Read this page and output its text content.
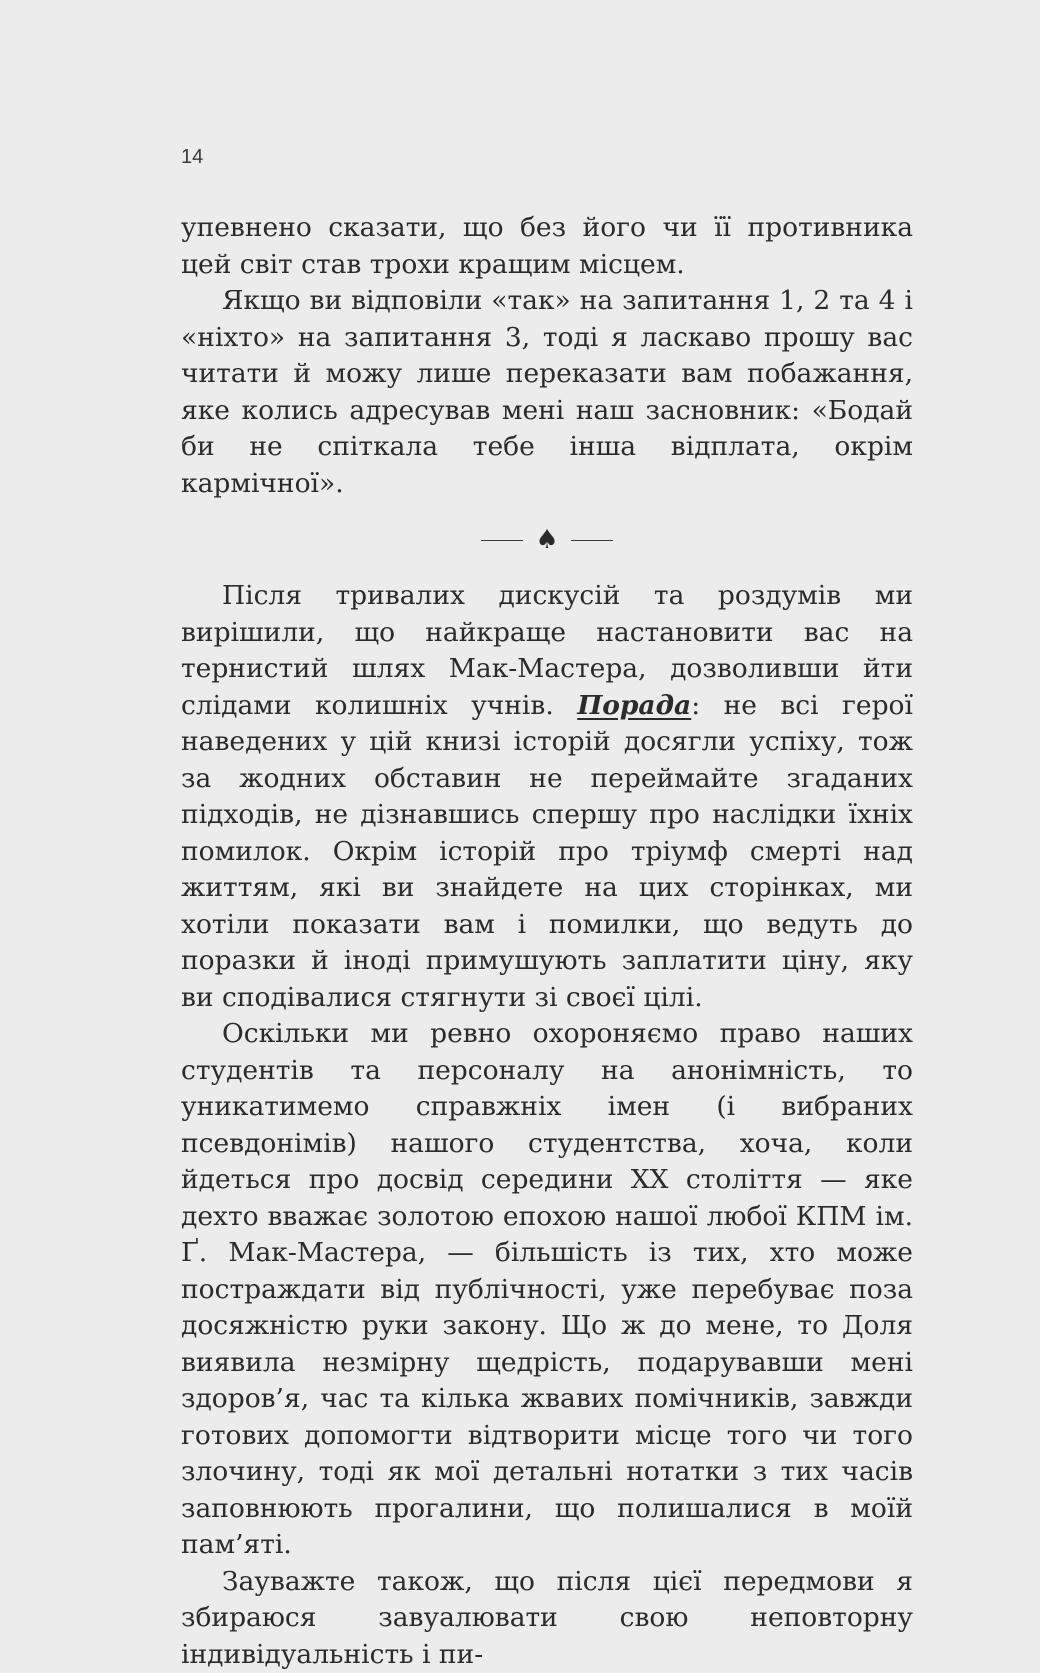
14

упевнено сказати, що без його чи її противника цей світ став трохи кращим місцем.

Якщо ви відповіли «так» на запитання 1, 2 та 4 і «ніхто» на запитання 3, тоді я ласкаво прошу вас читати й можу лише переказати вам побажання, яке колись адресував мені наш засновник: «Бодай би не спіткала тебе інша відплата, окрім кармічної».

♠

Після тривалих дискусій та роздумів ми вирішили, що найкраще настановити вас на тернистий шлях Мак-Мастера, дозволивши йти слідами колишніх учнів. Порада: не всі герої наведених у цій книзі історій досягли успіху, тож за жодних обставин не переймайте згаданих підходів, не дізнавшись спершу про наслідки їхніх помилок. Окрім історій про тріумф смерті над життям, які ви знайдете на цих сторінках, ми хотіли показати вам і помилки, що ведуть до поразки й іноді примушують заплатити ціну, яку ви сподівалися стягнути зі своєї цілі.

Оскільки ми ревно охороняємо право наших студентів та персоналу на анонімність, то уникатимемо справжніх імен (і вибраних псевдонімів) нашого студентства, хоча, коли йдеться про досвід середини XX століття — яке дехто вважає золотою епохою нашої любої КПМ ім. Ґ. Мак-Мастера, — більшість із тих, хто може постраждати від публічності, уже перебуває поза досяжністю руки закону. Що ж до мене, то Доля виявила незмірну щедрість, подарувавши мені здоров’я, час та кілька жвавих помічників, завжди готових допомогти відтворити місце того чи того злочину, тоді як мої детальні нотатки з тих часів заповнюють прогалини, що полишалися в моїй пам’яті.

Зауважте також, що після цієї передмови я збираюся завуалювати свою неповторну індивідуальність і пи-
